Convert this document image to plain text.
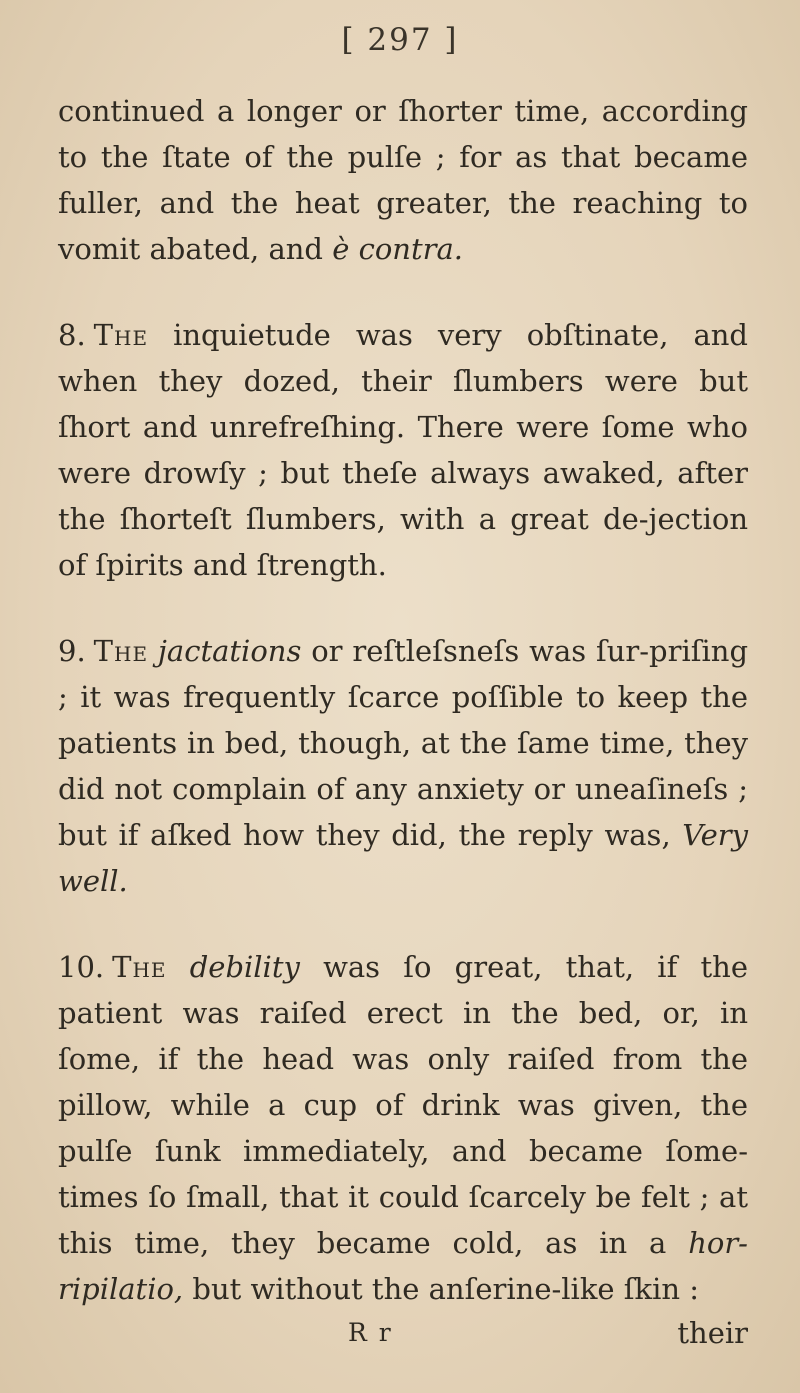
[ 297 ]

continued a longer or ſhorter time, according to the ſtate of the pulſe ; for as that became fuller, and the heat greater, the reaching to vomit abated, and è contra.

8. The inquietude was very obſtinate, and when they dozed, their ſlumbers were but ſhort and unrefreſhing. There were ſome who were drowſy ; but theſe always awaked, after the ſhorteſt ſlumbers, with a great de-jection of ſpirits and ſtrength.

9. The jactations or reſtleſsneſs was ſur-priſing ; it was frequently ſcarce poſſible to keep the patients in bed, though, at the ſame time, they did not complain of any anxiety or uneaſineſs ; but if aſked how they did, the reply was, Very well.

10. The debility was ſo great, that, if the patient was raiſed erect in the bed, or, in ſome, if the head was only raiſed from the pillow, while a cup of drink was given, the pulſe ſunk immediately, and became ſome-times ſo ſmall, that it could ſcarcely be felt ; at this time, they became cold, as in a hor-ripilatio, but without the anſerine-like ſkin :

R r	their
